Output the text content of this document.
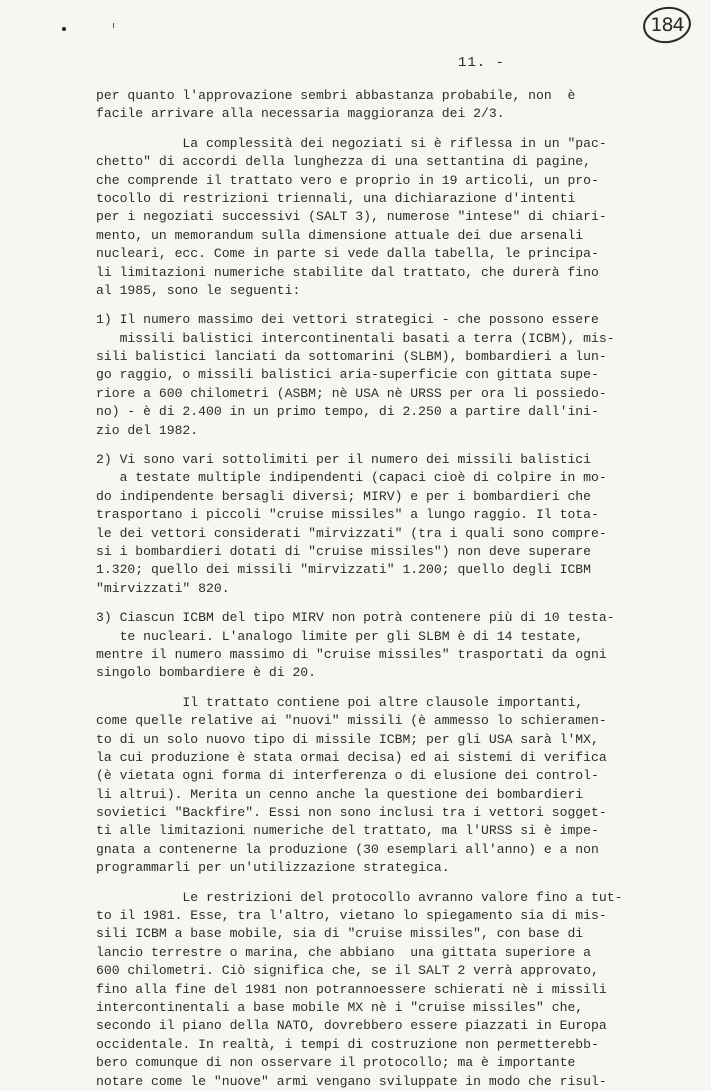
184
11. -
per quanto l'approvazione sembri abbastanza probabile, non  è
facile arrivare alla necessaria maggioranza dei 2/3.
La complessità dei negoziati si è riflessa in un "pac-
chetto" di accordi della lunghezza di una settantina di pagine,
che comprende il trattato vero e proprio in 19 articoli, un pro-
tocollo di restrizioni triennali, una dichiarazione d'intenti
per i negoziati successivi (SALT 3), numerose "intese" di chiari-
mento, un memorandum sulla dimensione attuale dei due arsenali
nucleari, ecc. Come in parte si vede dalla tabella, le principa-
li limitazioni numeriche stabilite dal trattato, che durerà fino
al 1985, sono le seguenti:
1) Il numero massimo dei vettori strategici - che possono essere
missili balistici intercontinentali basati a terra (ICBM), mis-
sili balistici lanciati da sottomarini (SLBM), bombardieri a lun-
go raggio, o missili balistici aria-superficie con gittata supe-
riore a 600 chilometri (ASBM; nè USA nè URSS per ora li possiedo-
no) - è di 2.400 in un primo tempo, di 2.250 a partire dall'ini-
zio del 1982.
2) Vi sono vari sottolimiti per il numero dei missili balistici
a testate multiple indipendenti (capaci cioè di colpire in mo-
do indipendente bersagli diversi; MIRV) e per i bombardieri che
trasportano i piccoli "cruise missiles" a lungo raggio. Il tota-
le dei vettori considerati "mirvizzati" (tra i quali sono compre-
si i bombardieri dotati di "cruise missiles") non deve superare
1.320; quello dei missili "mirvizzati" 1.200; quello degli ICBM
"mirvizzati" 820.
3) Ciascun ICBM del tipo MIRV non potrà contenere più di 10 testa-
te nucleari. L'analogo limite per gli SLBM è di 14 testate,
mentre il numero massimo di "cruise missiles" trasportati da ogni
singolo bombardiere è di 20.
Il trattato contiene poi altre clausole importanti,
come quelle relative ai "nuovi" missili (è ammesso lo schieramen-
to di un solo nuovo tipo di missile ICBM; per gli USA sarà l'MX,
la cui produzione è stata ormai decisa) ed ai sistemi di verifica
(è vietata ogni forma di interferenza o di elusione dei control-
li altrui). Merita un cenno anche la questione dei bombardieri
sovietici "Backfire". Essi non sono inclusi tra i vettori sogget-
ti alle limitazioni numeriche del trattato, ma l'URSS si è impe-
gnata a contenerne la produzione (30 esemplari all'anno) e a non
programmarli per un'utilizzazione strategica.
Le restrizioni del protocollo avranno valore fino a tut-
to il 1981. Esse, tra l'altro, vietano lo spiegamento sia di mis-
sili ICBM a base mobile, sia di "cruise missiles", con base di
lancio terrestre o marina, che abbiano  una gittata superiore a
600 chilometri. Ciò significa che, se il SALT 2 verrà approvato,
fino alla fine del 1981 non potrannoessere schierati nè i missili
intercontinentali a base mobile MX nè i "cruise missiles" che,
secondo il piano della NATO, dovrebbero essere piazzati in Europa
occidentale. In realtà, i tempi di costruzione non permetterebb-
bero comunque di non osservare il protocollo; ma è importante
notare come le "nuove" armi vengano sviluppate in modo che risul-
